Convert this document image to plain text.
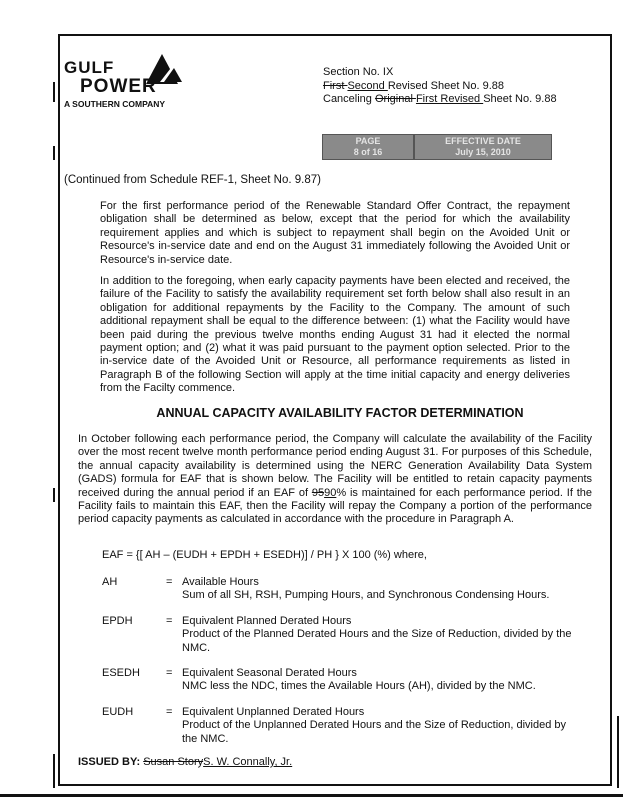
GULF
POWER
A SOUTHERN COMPANY
Section No. IX
First Second Revised Sheet No. 9.88
Canceling Original First Revised Sheet No. 9.88
PAGE
8 of 16
EFFECTIVE DATE
July 15, 2010
(Continued from Schedule REF-1, Sheet No. 9.87)
For the first performance period of the Renewable Standard Offer Contract, the repayment obligation shall be determined as below, except that the period for which the availability requirement applies and which is subject to repayment shall begin on the Avoided Unit or Resource's in-service date and end on the August 31 immediately following the Avoided Unit or Resource's in-service date.
In addition to the foregoing, when early capacity payments have been elected and received, the failure of the Facility to satisfy the availability requirement set forth below shall also result in an obligation for additional repayments by the Facility to the Company. The amount of such additional repayment shall be equal to the difference between: (1) what the Facility would have been paid during the previous twelve months ending August 31 had it elected the normal payment option; and (2) what it was paid pursuant to the payment option selected. Prior to the in-service date of the Avoided Unit or Resource, all performance requirements as listed in Paragraph B of the following Section will apply at the time initial capacity and energy deliveries from the Facilty commence.
ANNUAL CAPACITY AVAILABILITY FACTOR DETERMINATION
In October following each performance period, the Company will calculate the availability of the Facility over the most recent twelve month performance period ending August 31. For purposes of this Schedule, the annual capacity availability is determined using the NERC Generation Availability Data System (GADS) formula for EAF that is shown below. The Facility will be entitled to retain capacity payments received during the annual period if an EAF of 9590% is maintained for each performance period. If the Facility fails to maintain this EAF, then the Facility will repay the Company a portion of the performance period capacity payments as calculated in accordance with the procedure in Paragraph A.
EAF = {[ AH – (EUDH + EPDH + ESEDH)] / PH } X 100 (%) where,
AH	= Available Hours
Sum of all SH, RSH, Pumping Hours, and Synchronous Condensing Hours.
EPDH	= Equivalent Planned Derated Hours
Product of the Planned Derated Hours and the Size of Reduction, divided by the
NMC.
ESEDH = Equivalent Seasonal Derated Hours
NMC less the NDC, times the Available Hours (AH), divided by the NMC.
EUDH	= Equivalent Unplanned Derated Hours
Product of the Unplanned Derated Hours and the Size of Reduction, divided by
the NMC.
ISSUED BY: Susan StoryS. W. Connally, Jr.
